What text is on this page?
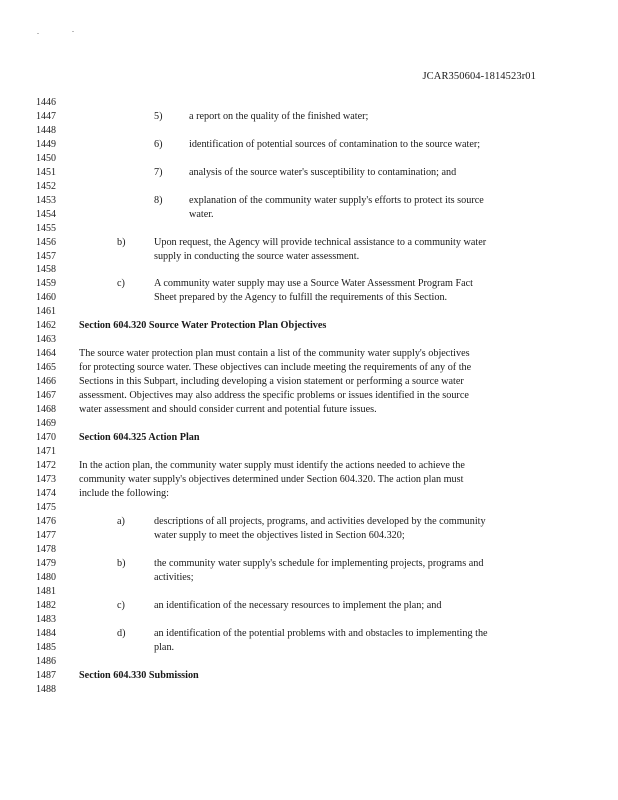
JCAR350604-1814523r01
1446
1447
1448
1449
1450
1451
1452
1453
1454
1455
1456
1457
1458
1459
1460
1461
1462
1463
1464
1465
1466
1467
1468
1469
1470
1471
1472
1473
1474
1475
1476
1477
1478
1479
1480
1481
1482
1483
1484
1485
1486
1487
1488
5)	a report on the quality of the finished water;
6)	identification of potential sources of contamination to the source water;
7)	analysis of the source water's susceptibility to contamination; and
8)	explanation of the community water supply's efforts to protect its source
water.
b)	Upon request, the Agency will provide technical assistance to a community water
supply in conducting the source water assessment.
c)	A community water supply may use a Source Water Assessment Program Fact
Sheet prepared by the Agency to fulfill the requirements of this Section.
Section 604.320 Source Water Protection Plan Objectives
The source water protection plan must contain a list of the community water supply's objectives
for protecting source water. These objectives can include meeting the requirements of any of the
Sections in this Subpart, including developing a vision statement or performing a source water
assessment. Objectives may also address the specific problems or issues identified in the source
water assessment and should consider current and potential future issues.
Section 604.325 Action Plan
In the action plan, the community water supply must identify the actions needed to achieve the
community water supply's objectives determined under Section 604.320. The action plan must
include the following:
a)	descriptions of all projects, programs, and activities developed by the community
water supply to meet the objectives listed in Section 604.320;
b)	the community water supply's schedule for implementing projects, programs and
activities;
c)	an identification of the necessary resources to implement the plan; and
d)	an identification of the potential problems with and obstacles to implementing the
plan.
Section 604.330 Submission
